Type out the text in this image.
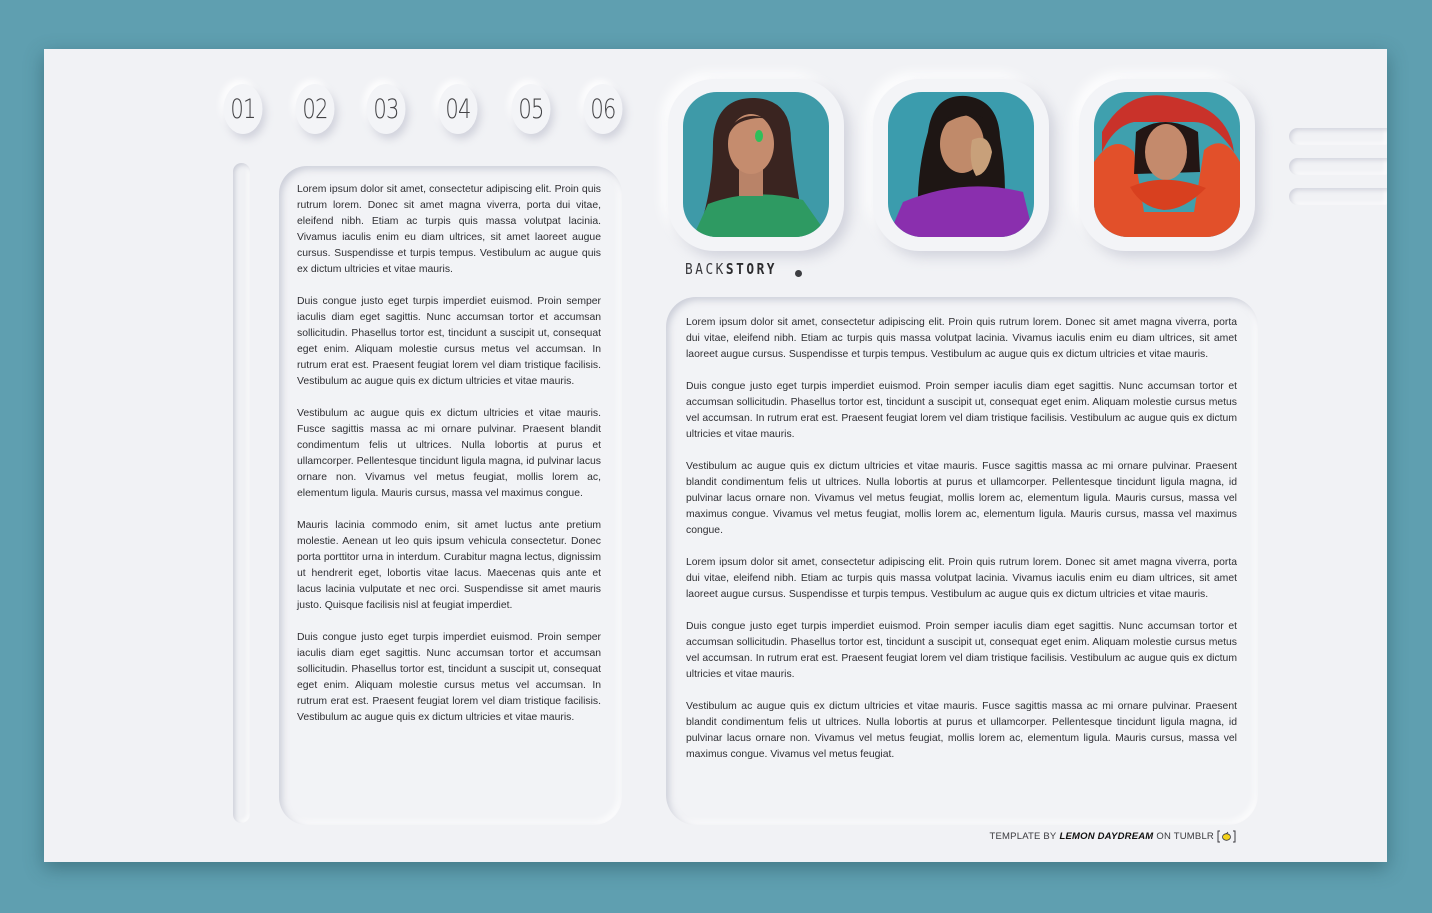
01 02 03 04 05 06

Lorem ipsum dolor sit amet, consectetur adipiscing elit. Proin quis rutrum lorem. Donec sit amet magna viverra, porta dui vitae, eleifend nibh. Etiam ac turpis quis massa volutpat lacinia. Vivamus iaculis enim eu diam ultrices, sit amet laoreet augue cursus. Suspendisse et turpis tempus. Vestibulum ac augue quis ex dictum ultricies et vitae mauris.

Duis congue justo eget turpis imperdiet euismod. Proin semper iaculis diam eget sagittis. Nunc accumsan tortor et accumsan sollicitudin. Phasellus tortor est, tincidunt a suscipit ut, consequat eget enim. Aliquam molestie cursus metus vel accumsan. In rutrum erat est. Praesent feugiat lorem vel diam tristique facilisis. Vestibulum ac augue quis ex dictum ultricies et vitae mauris.

Vestibulum ac augue quis ex dictum ultricies et vitae mauris. Fusce sagittis massa ac mi ornare pulvinar. Praesent blandit condimentum felis ut ultrices. Nulla lobortis at purus et ullamcorper. Pellentesque tincidunt ligula magna, id pulvinar lacus ornare non. Vivamus vel metus feugiat, mollis lorem ac, elementum ligula. Mauris cursus, massa vel maximus congue.

Mauris lacinia commodo enim, sit amet luctus ante pretium molestie. Aenean ut leo quis ipsum vehicula consectetur. Donec porta porttitor urna in interdum. Curabitur magna lectus, dignissim ut hendrerit eget, lobortis vitae lacus. Maecenas quis ante et lacus lacinia vulputate et nec orci. Suspendisse sit amet mauris justo. Quisque facilisis nisl at feugiat imperdiet.

Duis congue justo eget turpis imperdiet euismod. Proin semper iaculis diam eget sagittis. Nunc accumsan tortor et accumsan sollicitudin. Phasellus tortor est, tincidunt a suscipit ut, consequat eget enim. Aliquam molestie cursus metus vel accumsan. In rutrum erat est. Praesent feugiat lorem vel diam tristique facilisis. Vestibulum ac augue quis ex dictum ultricies et vitae mauris.

BACKSTORY

Lorem ipsum dolor sit amet, consectetur adipiscing elit. Proin quis rutrum lorem. Donec sit amet magna viverra, porta dui vitae, eleifend nibh. Etiam ac turpis quis massa volutpat lacinia. Vivamus iaculis enim eu diam ultrices, sit amet laoreet augue cursus. Suspendisse et turpis tempus. Vestibulum ac augue quis ex dictum ultricies et vitae mauris.

Duis congue justo eget turpis imperdiet euismod. Proin semper iaculis diam eget sagittis. Nunc accumsan tortor et accumsan sollicitudin. Phasellus tortor est, tincidunt a suscipit ut, consequat eget enim. Aliquam molestie cursus metus vel accumsan. In rutrum erat est. Praesent feugiat lorem vel diam tristique facilisis. Vestibulum ac augue quis ex dictum ultricies et vitae mauris.

Vestibulum ac augue quis ex dictum ultricies et vitae mauris. Fusce sagittis massa ac mi ornare pulvinar. Praesent blandit condimentum felis ut ultrices. Nulla lobortis at purus et ullamcorper. Pellentesque tincidunt ligula magna, id pulvinar lacus ornare non. Vivamus vel metus feugiat, mollis lorem ac, elementum ligula. Mauris cursus, massa vel maximus congue. Vivamus vel metus feugiat, mollis lorem ac, elementum ligula. Mauris cursus, massa vel maximus congue.

Lorem ipsum dolor sit amet, consectetur adipiscing elit. Proin quis rutrum lorem. Donec sit amet magna viverra, porta dui vitae, eleifend nibh. Etiam ac turpis quis massa volutpat lacinia. Vivamus iaculis enim eu diam ultrices, sit amet laoreet augue cursus. Suspendisse et turpis tempus. Vestibulum ac augue quis ex dictum ultricies et vitae mauris.

Duis congue justo eget turpis imperdiet euismod. Proin semper iaculis diam eget sagittis. Nunc accumsan tortor et accumsan sollicitudin. Phasellus tortor est, tincidunt a suscipit ut, consequat eget enim. Aliquam molestie cursus metus vel accumsan. In rutrum erat est. Praesent feugiat lorem vel diam tristique facilisis. Vestibulum ac augue quis ex dictum ultricies et vitae mauris.

Vestibulum ac augue quis ex dictum ultricies et vitae mauris. Fusce sagittis massa ac mi ornare pulvinar. Praesent blandit condimentum felis ut ultrices. Nulla lobortis at purus et ullamcorper. Pellentesque tincidunt ligula magna, id pulvinar lacus ornare non. Vivamus vel metus feugiat, mollis lorem ac, elementum ligula. Mauris cursus, massa vel maximus congue. Vivamus vel metus feugiat.

TEMPLATE BY LEMON DAYDREAM ON TUMBLR
